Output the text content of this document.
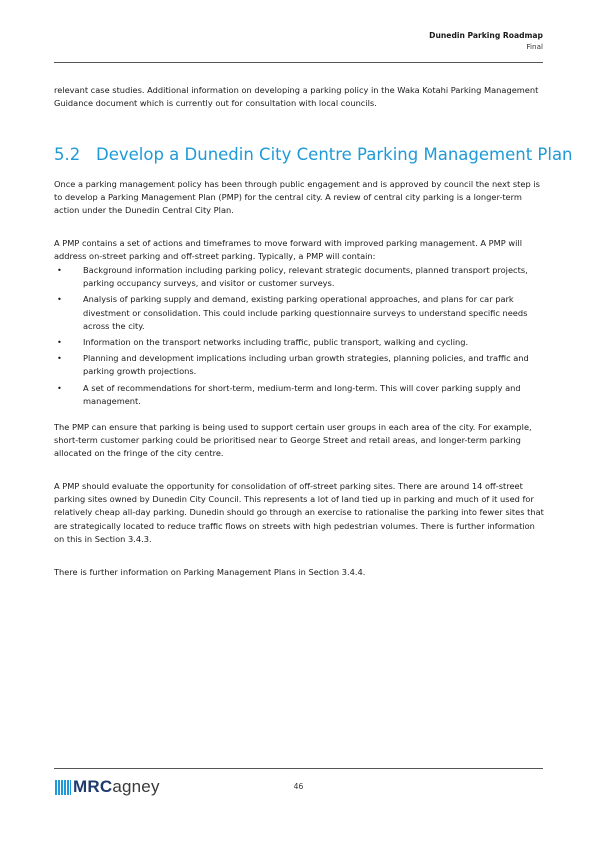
Dunedin Parking Roadmap
Final

relevant case studies. Additional information on developing a parking policy in the Waka Kotahi Parking Management Guidance document which is currently out for consultation with local councils.

5.2 Develop a Dunedin City Centre Parking Management Plan

Once a parking management policy has been through public engagement and is approved by council the next step is to develop a Parking Management Plan (PMP) for the central city. A review of central city parking is a longer-term action under the Dunedin Central City Plan.

A PMP contains a set of actions and timeframes to move forward with improved parking management. A PMP will address on-street parking and off-street parking. Typically, a PMP will contain:

•	Background information including parking policy, relevant strategic documents, planned transport projects, parking occupancy surveys, and visitor or customer surveys.
•	Analysis of parking supply and demand, existing parking operational approaches, and plans for car park divestment or consolidation. This could include parking questionnaire surveys to understand specific needs across the city.
•	Information on the transport networks including traffic, public transport, walking and cycling.
•	Planning and development implications including urban growth strategies, planning policies, and traffic and parking growth projections.
•	A set of recommendations for short-term, medium-term and long-term. This will cover parking supply and management.

The PMP can ensure that parking is being used to support certain user groups in each area of the city. For example, short-term customer parking could be prioritised near to George Street and retail areas, and longer-term parking allocated on the fringe of the city centre.

A PMP should evaluate the opportunity for consolidation of off-street parking sites. There are around 14 off-street parking sites owned by Dunedin City Council. This represents a lot of land tied up in parking and much of it used for relatively cheap all-day parking. Dunedin should go through an exercise to rationalise the parking into fewer sites that are strategically located to reduce traffic flows on streets with high pedestrian volumes. There is further information on this in Section 3.4.3.

There is further information on Parking Management Plans in Section 3.4.4.

MRCagney	46
